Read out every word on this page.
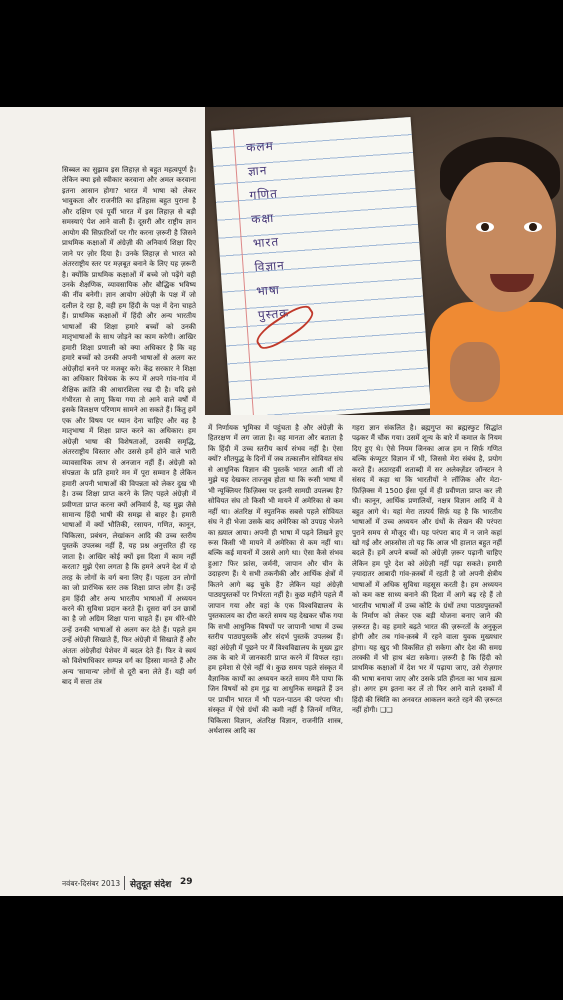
कलम
ज्ञान
गणित
कक्षा
भारत
विज्ञान
भाषा
पुस्तक

सिब्बल का सुझाव इस लिहाज़ से बहुत महत्वपूर्ण है। लेकिन क्या इसे स्वीकार करवाना और अमल करवाना इतना आसान होगा? भारत में भाषा को लेकर भावुकता और राजनीति का इतिहास बहुत पुराना है और दक्षिण एवं पूर्वी भारत में इस लिहाज़ से बड़ी समस्याएं पेश आने वाली हैं। दूसरी और राष्ट्रीय ज्ञान आयोग की सिफ़ारिशों पर गौर करना ज़रूरी है जिसने प्राथमिक कक्षाओं में अंग्रेज़ी की अनिवार्य शिक्षा दिए जाने पर ज़ोर दिया है। उनके लिहाज़ से भारत को अंतरराष्ट्रीय स्तर पर मज़बूत बनाने के लिए यह ज़रूरी है। क्योंकि प्राथमिक कक्षाओं में बच्चे जो पढ़ेंगे वही उनके शैक्षणिक, व्यावसायिक और बौद्धिक भविष्य की नींव बनेगी। ज्ञान आयोग अंग्रेज़ी के पक्ष में जो दलील दे रहा है, वही हम हिंदी के पक्ष में देना चाहते हैं। प्राथमिक कक्षाओं में हिंदी और अन्य भारतीय भाषाओं की शिक्षा हमारे बच्चों को उनकी मातृभाषाओं के साथ जोड़ने का काम करेगी। आखिर हमारी शिक्षा प्रणाली को क्या अधिकार है कि वह हमारे बच्चों को उनकी अपनी भाषाओं से अलग कर अंग्रेज़ीदां बनने पर मजबूर करे। केंद्र सरकार ने शिक्षा का अधिकार विधेयक के रूप में अपने गांव-गांव में शैक्षिक क्रांति की आधारशिला रख दी है। यदि इसे गंभीरता से लागू किया गया तो आने वाले वर्षों में इसके विलक्षण परिणाम सामने आ सकते हैं। किंतु हमें एक और विषय पर ध्यान देना चाहिए और वह है मातृभाषा में शिक्षा प्राप्त करने का अधिकार। हम अंग्रेज़ी भाषा की विशेषताओं, उसकी समृद्धि, अंतरराष्ट्रीय विस्तार और उससे हमें होने वाले भारी व्यावसायिक लाभ से अनजान नहीं हैं। अंग्रेज़ी को संपन्नता के प्रति हमारे मन में पूरा सम्मान है लेकिन हमारी अपनी भाषाओं की विपन्नता को लेकर दुख भी है। उच्च शिक्षा प्राप्त करने के लिए पहले अंग्रेज़ी में प्रवीणता प्राप्त करना क्यों अनिवार्य है, यह मुझ जैसे सामान्य हिंदी भाषी की समझ से बाहर है। हमारी भाषाओं में क्यों भौतिकी, रसायन, गणित, कानून, चिकित्सा, प्रबंधन, लेखांकन आदि की उच्च स्तरीय पुस्तकें उपलब्ध नहीं हैं, यह प्रश्न अनुत्तरित ही रह जाता है। आखिर कोई क्यों इस दिशा में काम नहीं करता? मुझे ऐसा लगता है कि हमने अपने देश में दो तरह के लोगों के वर्ग बना लिए हैं। पहला उन लोगों का जो प्रारंभिक स्तर तक शिक्षा प्राप्त लोग हैं। उन्हें हम हिंदी और अन्य भारतीय भाषाओं में अध्ययन करने की सुविधा प्रदान करते हैं। दूसरा वर्ग उन छात्रों का है जो अग्रिम शिक्षा पाना चाहते हैं। हम धीरे-धीरे उन्हें उनकी भाषाओं से अलग कर देते हैं। पहले हम उन्हें अंग्रेज़ी सिखाते हैं, फिर अंग्रेज़ी में सिखाते हैं और अंततः अंग्रेज़ीदां पेशेवर में बदल देते हैं। फिर वे स्वयं को विशेषाधिकार सम्पन्न वर्ग का हिस्सा मानते हैं और अन्य 'सामान्य' लोगों से दूरी बना लेते हैं। यही वर्ग बाद में सत्ता तंत्र

में निर्णायक भूमिका में पहुंचता है और अंग्रेज़ी के हितरक्षण में लग जाता है। वह मानता और बताता है कि हिंदी में उच्च स्तरीय कार्य संभव नहीं है। ऐसा क्यों? शीतयुद्ध के दिनों में जब तत्कालीन सोवियत संघ से आधुनिक विज्ञान की पुस्तकें भारत आती थीं तो मुझे यह देखकर ताज्जुब होता था कि रूसी भाषा में भी न्यूक्लियर फ़िज़िक्स पर इतनी सामग्री उपलब्ध है? सोवियत संघ तो किसी भी मायने में अमेरिका से कम नहीं था। अंतरिक्ष में स्पुतनिक सबसे पहले सोवियत संघ ने ही भेजा उसके बाद अमेरिका को उपग्रह भेजने का ख़्याल आया। अपनी ही भाषा में पढ़ने लिखने हुए रूस किसी भी मायने में अमेरिका से कम नहीं था। बल्कि कई मायनों में उससे आगे था। ऐसा कैसे संभव हुआ? फिर फ्रांस, जर्मनी, जापान और चीन के उदाहरण हैं। ये सभी तकनीकी और आर्थिक क्षेत्रों में कितने आगे बढ़ चुके हैं? लेकिन यहां अंग्रेज़ी पाठ्यपुस्तकों पर निर्भरता नहीं है। कुछ महीने पहले मैं जापान गया और वहां के एक विश्वविद्यालय के पुस्तकालय का दौरा करते समय यह देखकर चौंक गया कि सभी आधुनिक विषयों पर जापानी भाषा में उच्च स्तरीय पाठ्यपुस्तकें और संदर्भ पुस्तकें उपलब्ध हैं। वहां अंग्रेज़ी में पूछने पर मैं विश्वविद्यालय के मुख्य द्वार तक के बारे में जानकारी प्राप्त करने में विफल रहा। हम हमेशा से ऐसे नहीं थे। कुछ समय पहले संस्कृत में वैज्ञानिक कार्यों का अध्ययन करते समय मैंने पाया कि जिन विषयों को हम गूढ़ या आधुनिक समझते हैं उन पर प्राचीन भारत में भी पठन-पाठन की परंपरा थी। संस्कृत में ऐसे ग्रंथों की कमी नहीं है जिनमें गणित, चिकित्सा विज्ञान, अंतरिक्ष विज्ञान, राजनीति शास्त्र, अर्थशास्त्र आदि का

गहरा ज्ञान संकलित है। ब्रह्मगुप्त का ब्रह्मस्फुट सिद्धांत पढ़कर मैं चौंक गया। उसमें शून्य के बारे में कमाल के नियम दिए हुए थे। ऐसे नियम जिनका आज हम न सिर्फ़ गणित बल्कि कंप्यूटर विज्ञान में भी, जिससे मेरा संबंध है, प्रयोग करते हैं। अठारहवीं शताब्दी में सर अलेक्ज़ेंडर जॉन्स्टन ने संसद में कहा था कि भारतीयों ने लॉजिक और मेटा-फ़िज़िक्स में 1500 ईसा पूर्व में ही प्रवीणता प्राप्त कर ली थी। कानून, आर्थिक प्रणालियों, नक्षत्र विज्ञान आदि में वे बहुत आगे थे। यहां मेरा तात्पर्य सिर्फ़ यह है कि भारतीय भाषाओं में उच्च अध्ययन और ग्रंथों के लेखन की परंपरा पुराने समय से मौजूद थी। यह परंपरा बाद में न जाने कहां खो गई और अफ़सोस तो यह कि आज भी हालात बहुत नहीं बदले हैं। हमें अपने बच्चों को अंग्रेज़ी ज़रूर पढ़ानी चाहिए लेकिन हम पूरे देश को अंग्रेज़ी नहीं पढ़ा सकते। हमारी ज़्यादातर आबादी गांव-क़स्बों में रहती है जो अपनी क्षेत्रीय भाषाओं में अधिक सुविधा महसूस करती है। हम अध्ययन को कम कष्ट साध्य बनाने की दिशा में आगे बढ़ रहे हैं तो भारतीय भाषाओं में उच्च कोटि के ग्रंथों तथा पाठ्यपुस्तकों के निर्माण को लेकर एक बड़ी योजना बनाए जाने की ज़रूरत है। वह हमारे बढ़ते भारत की ज़रूरतों के अनुकूल होगी और तब गांव-क़स्बे में रहने वाला युवक मुख्यधार होगा। यह खुद भी विकसित हो सकेगा और देश की समग्र तरक्की में भी हाथ बंटा सकेगा। ज़रूरी है कि हिंदी को प्राथमिक कक्षाओं में देश भर में पढ़ाया जाए, उसे रोज़गार की भाषा बनाया जाए और उसके प्रति हीनता का भाव ख़त्म हो। अगर हम इतना कर लें तो फिर आने वाले दशकों में हिंदी की स्थिति का अनवरत आकलन करते रहने की ज़रूरत नहीं होगी। ❑❑

नवंबर-दिसंबर 2013 सेतुदूत संदेश 29
